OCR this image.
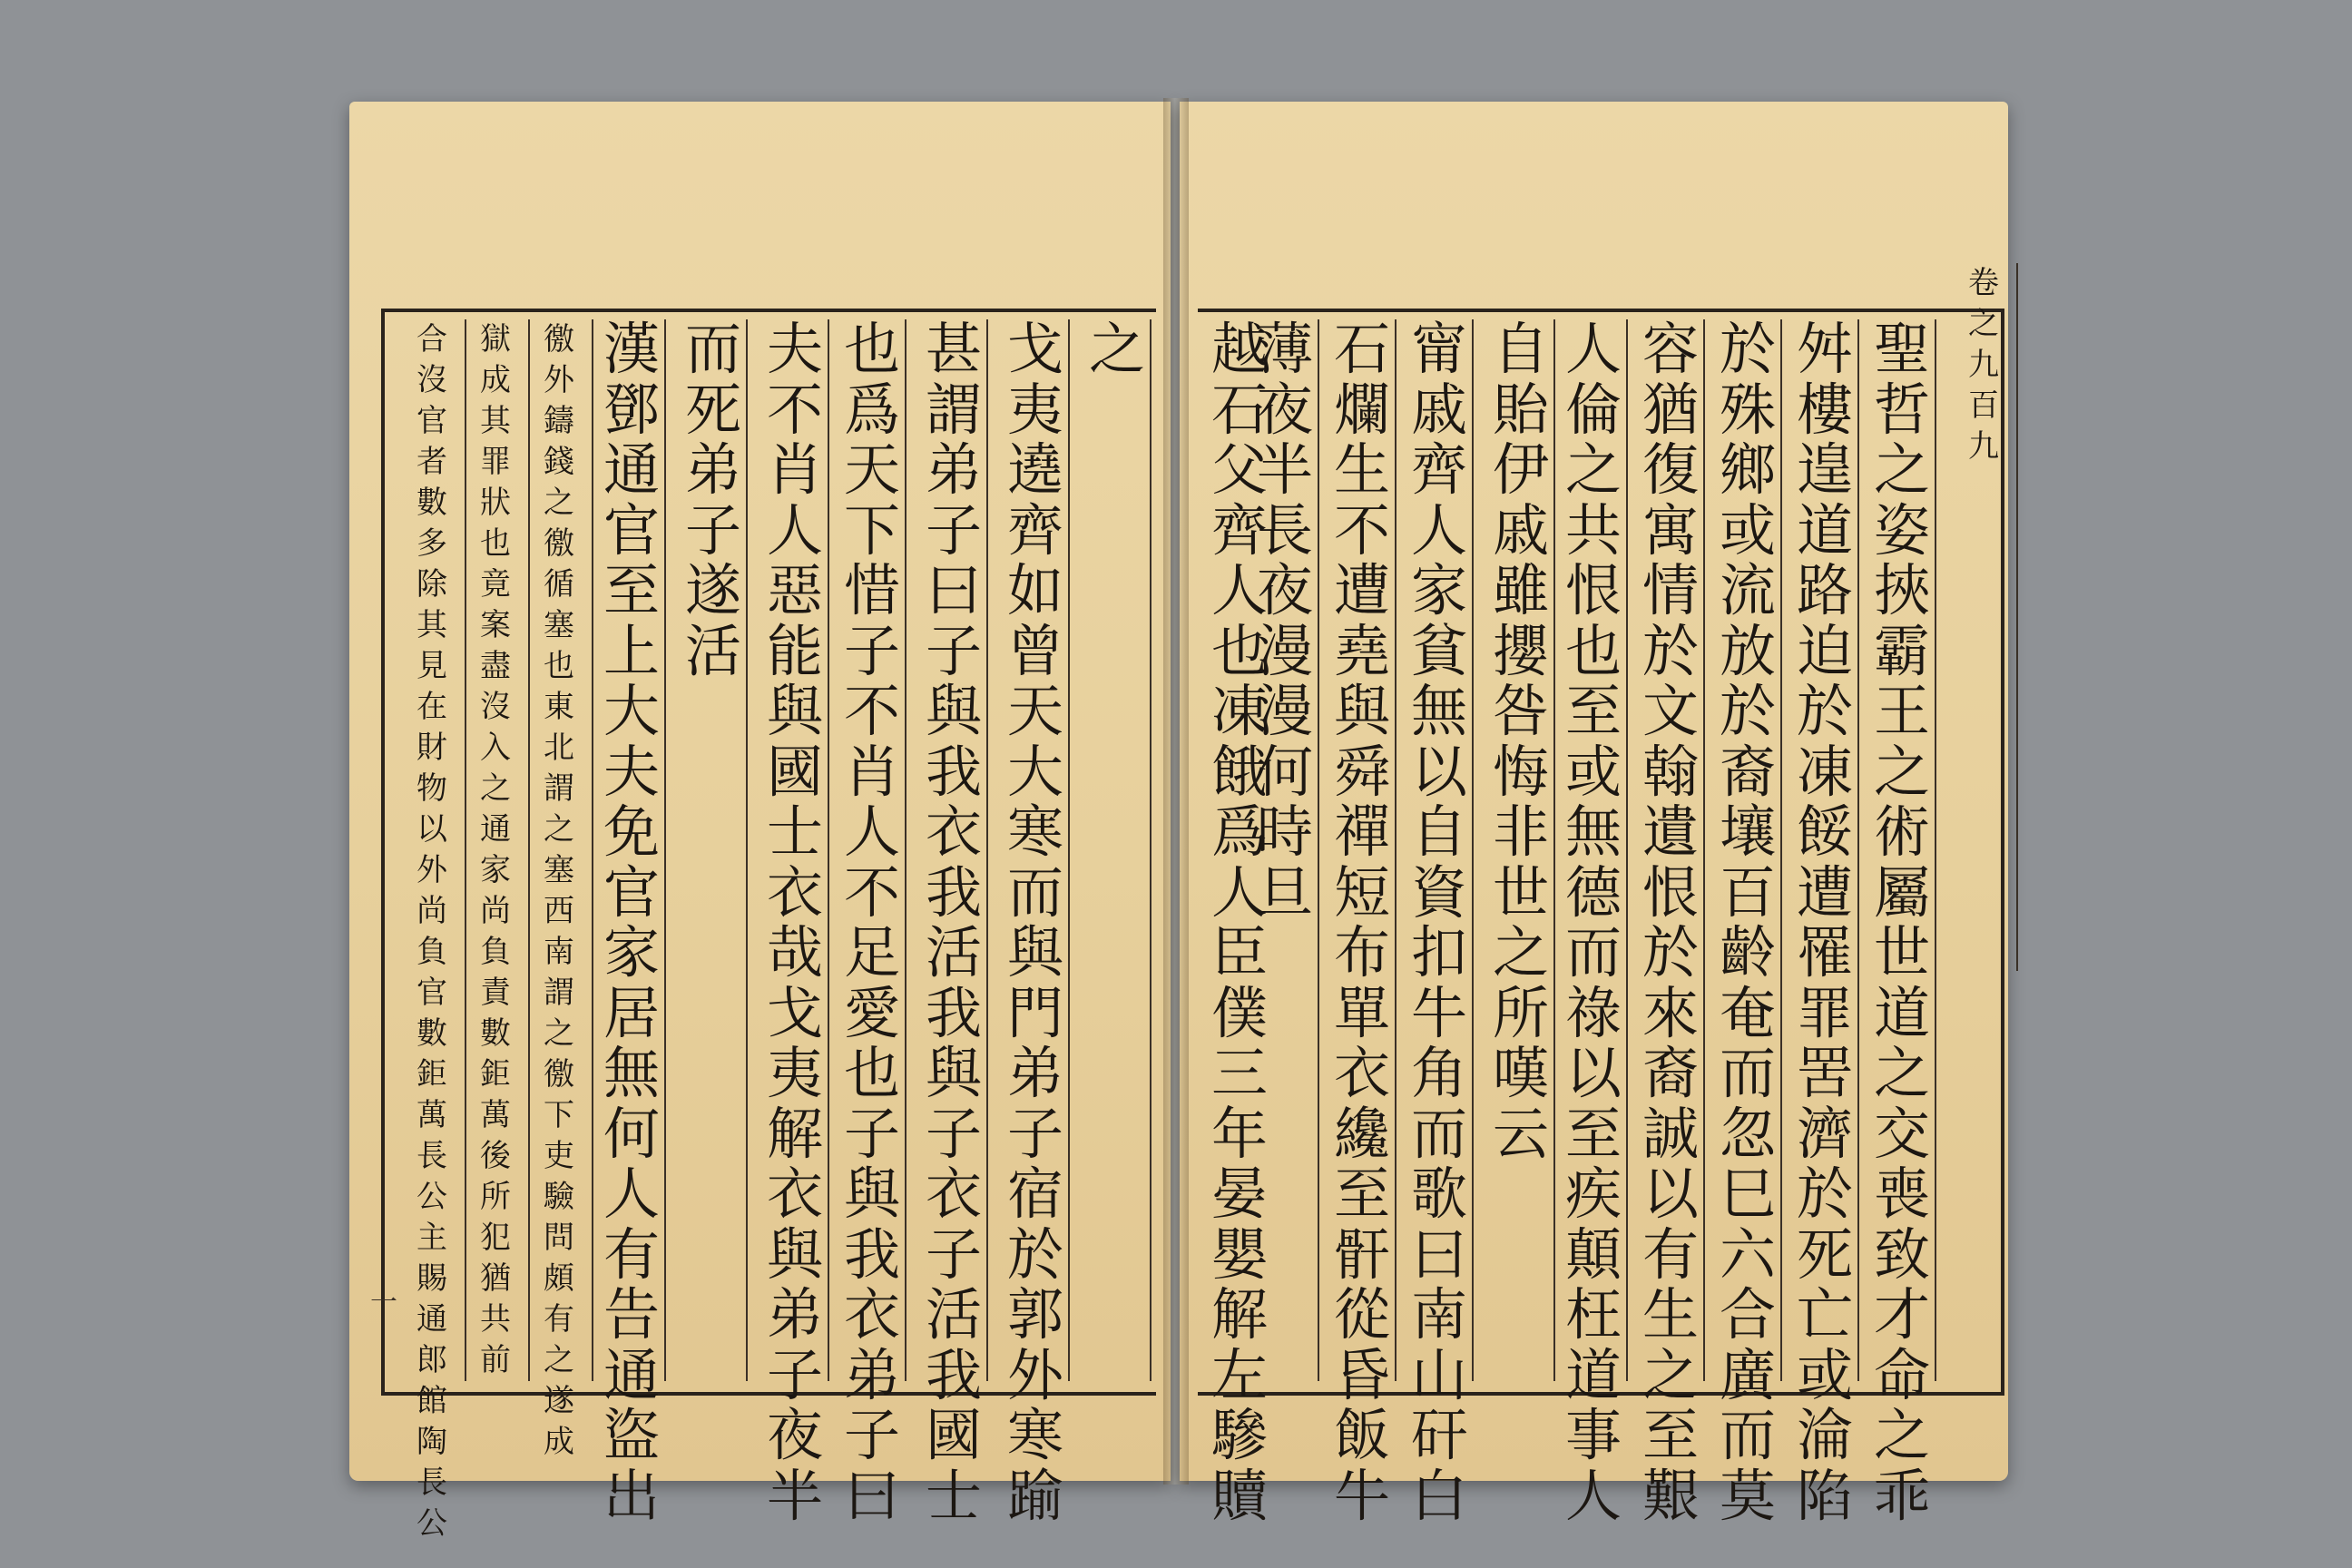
之
戈
夷
遶
齊
如
曾
天
大
寒
而
與
門
弟
子
宿
於
郭
外
寒
踰
甚
謂
弟
子
曰
子
與
我
衣
我
活
我
與
子
衣
子
活
我
國
士
也
爲
天
下
惜
子
不
肖
人
不
足
愛
也
子
與
我
衣
弟
子
曰
夫
不
肖
人
惡
能
與
國
士
衣
哉
戈
夷
解
衣
與
弟
子
夜
半
而
死
弟
子
遂
活
漢
鄧
通
官
至
上
大
夫
免
官
家
居
無
何
人
有
告
通
盜
出
徼
外
鑄
錢
之
徼
循
塞
也
東
北
謂
之
塞
西
南
謂
之
徼
下
吏
驗
問
頗
有
之
遂
成
獄
成
其
罪
狀
也
竟
案
盡
沒
入
之
通
家
尚
負
責
數
鉅
萬
後
所
犯
猶
共
前
合
沒
官
者
數
多
除
其
見
在
財
物
以
外
尚
負
官
數
鉅
萬
長
公
主
賜
通
郎
館
陶
長
公
一
卷
之
九
百
九
聖
哲
之
姿
挾
霸
王
之
術
屬
世
道
之
交
喪
致
才
命
之
乖
舛
樓
遑
道
路
迫
於
凍
餒
遭
罹
罪
罟
濟
於
死
亡
或
淪
陷
於
殊
鄉
或
流
放
於
裔
壤
百
齡
奄
而
忽
巳
六
合
廣
而
莫
容
猶
復
寓
情
於
文
翰
遺
恨
於
來
裔
誠
以
有
生
之
至
艱
人
倫
之
共
恨
也
至
或
無
德
而
祿
以
至
疾
顛
枉
道
事
人
自
貽
伊
戚
雖
攖
咎
悔
非
世
之
所
嘆
云
甯
戚
齊
人
家
貧
無
以
自
資
扣
牛
角
而
歌
曰
南
山
矸
白
石
爛
生
不
遭
堯
與
舜
禪
短
布
單
衣
纔
至
骭
從
昏
飯
牛
薄
夜
半
長
夜
漫
漫
何
時
旦
越
石
父
齊
人
也
凍
餓
爲
人
臣
僕
三
年
晏
嬰
解
左
驂
贖
